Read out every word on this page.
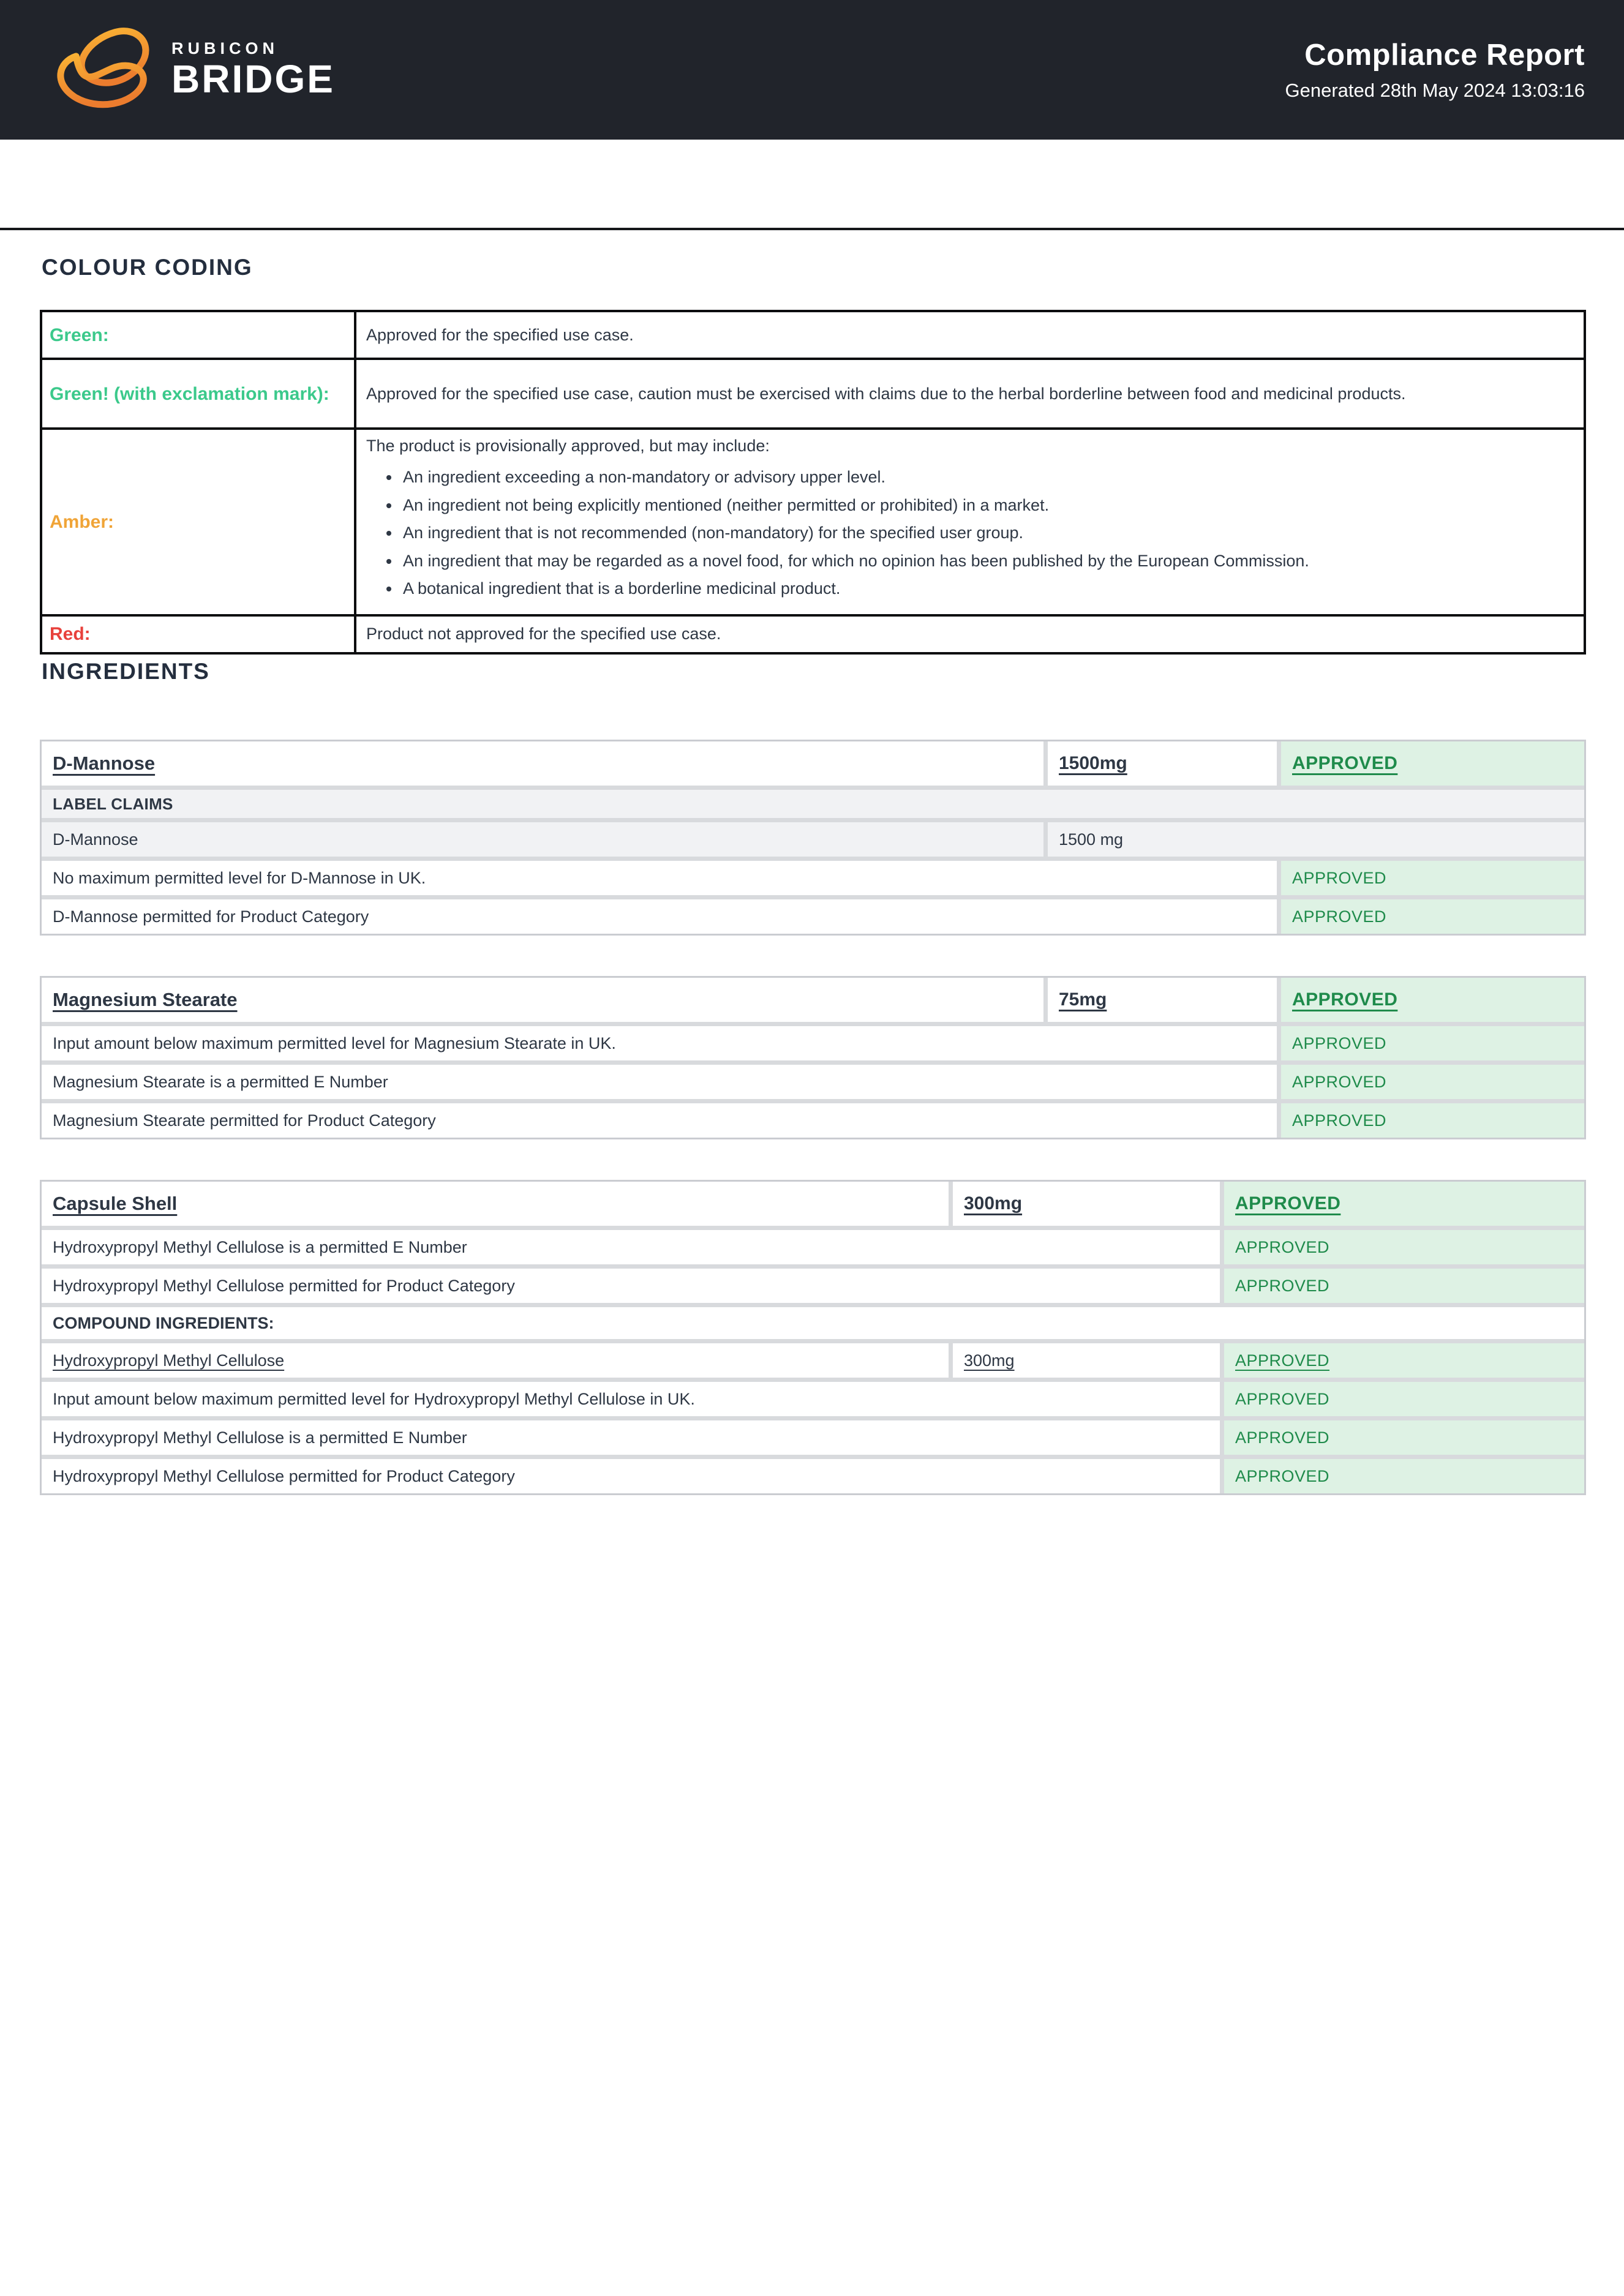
RUBICON
BRIDGE
Compliance Report
Generated 28th May 2024 13:03:16
COLOUR CODING
Green:	Approved for the specified use case.
Green! (with exclamation mark):	Approved for the specified use case, caution must be exercised with claims due to the herbal borderline between food and medicinal products.
Amber:
The product is provisionally approved, but may include:
• An ingredient exceeding a non-mandatory or advisory upper level.
• An ingredient not being explicitly mentioned (neither permitted or prohibited) in a market.
• An ingredient that is not recommended (non-mandatory) for the specified user group.
• An ingredient that may be regarded as a novel food, for which no opinion has been published by the European Commission.
• A botanical ingredient that is a borderline medicinal product.
Red:	Product not approved for the specified use case.
INGREDIENTS
D-Mannose	1500mg	APPROVED
LABEL CLAIMS
D-Mannose	1500 mg
No maximum permitted level for D-Mannose in UK.	APPROVED
D-Mannose permitted for Product Category	APPROVED
Magnesium Stearate	75mg	APPROVED
Input amount below maximum permitted level for Magnesium Stearate in UK.	APPROVED
Magnesium Stearate is a permitted E Number	APPROVED
Magnesium Stearate permitted for Product Category	APPROVED
Capsule Shell	300mg	APPROVED
Hydroxypropyl Methyl Cellulose is a permitted E Number	APPROVED
Hydroxypropyl Methyl Cellulose permitted for Product Category	APPROVED
COMPOUND INGREDIENTS:
Hydroxypropyl Methyl Cellulose	300mg	APPROVED
Input amount below maximum permitted level for Hydroxypropyl Methyl Cellulose in UK.	APPROVED
Hydroxypropyl Methyl Cellulose is a permitted E Number	APPROVED
Hydroxypropyl Methyl Cellulose permitted for Product Category	APPROVED
